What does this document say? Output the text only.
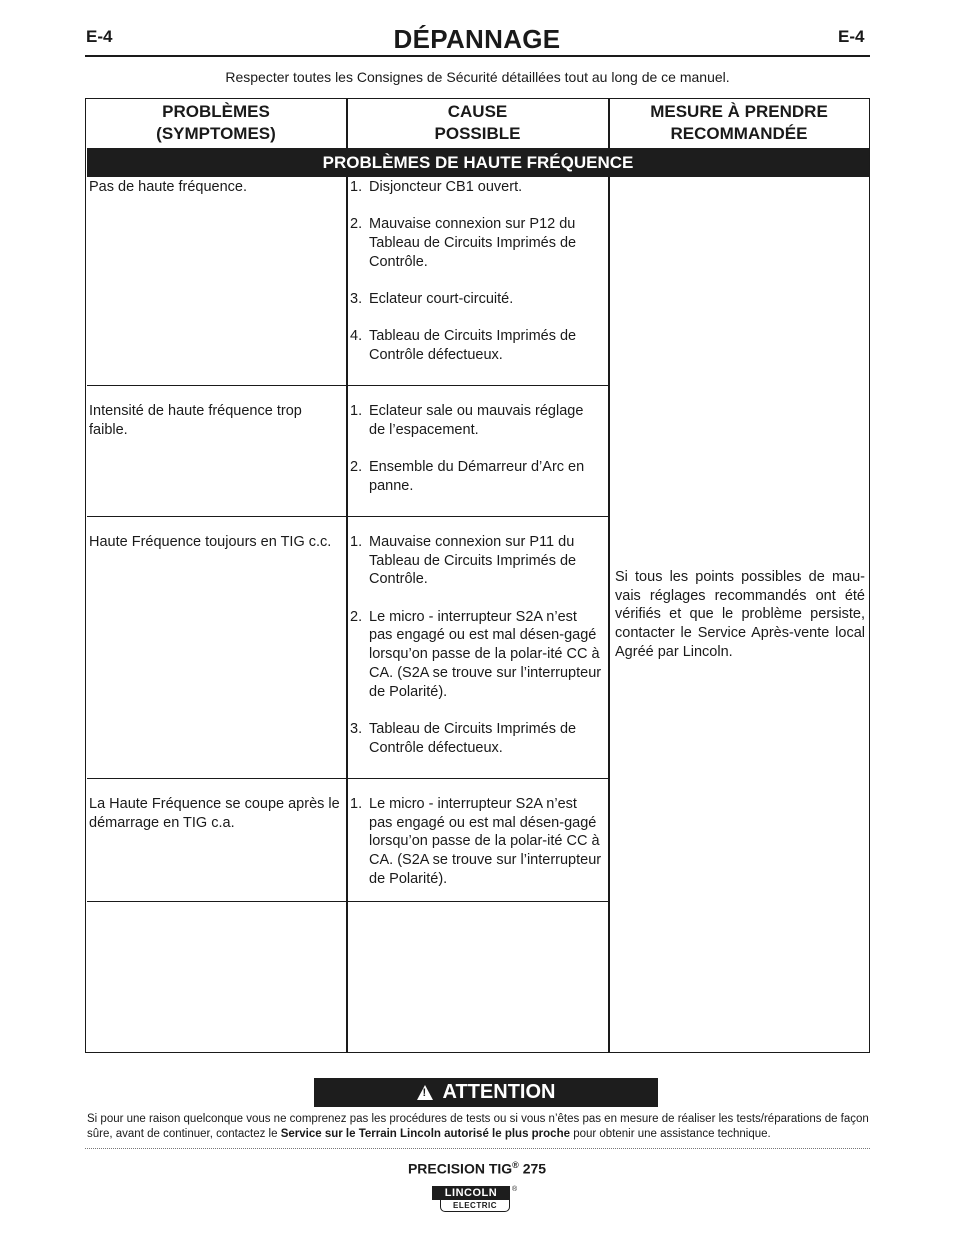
E-4	E-4
DÉPANNAGE
Respecter toutes les Consignes de Sécurité détaillées tout au long de ce manuel.
PROBLÈMES
(SYMPTOMES)
CAUSE
POSSIBLE
MESURE À PRENDRE
RECOMMANDÉE
PROBLÈMES DE HAUTE FRÉQUENCE
Pas de haute fréquence.	1. Disjoncteur CB1 ouvert.
2. Mauvaise connexion sur P12 du Tableau de Circuits Imprimés de Contrôle.
3. Eclateur court-circuité.
4. Tableau de Circuits Imprimés de Contrôle défectueux.
Intensité de haute fréquence trop faible.
1. Eclateur sale ou mauvais réglage de l’espacement.
2. Ensemble du Démarreur d’Arc en panne.
Haute Fréquence toujours en TIG c.c. 1. Mauvaise connexion sur P11 du Tableau de Circuits Imprimés de Contrôle.
2. Le micro - interrupteur S2A n’est pas engagé ou est mal désen-gagé lorsqu’on passe de la polar-ité CC à CA. (S2A se trouve sur l’interrupteur de Polarité).
3. Tableau de Circuits Imprimés de Contrôle défectueux.
La Haute Fréquence se coupe après le démarrage en TIG c.a.
1. Le micro - interrupteur S2A n’est pas engagé ou est mal désen-gagé lorsqu’on passe de la polar-ité CC à CA. (S2A se trouve sur l’interrupteur de Polarité).
Si tous les points possibles de mau-vais réglages recommandés ont été vérifiés et que le problème persiste, contacter le Service Après-vente local Agréé par Lincoln.
! ATTENTION
Si pour une raison quelconque vous ne comprenez pas les procédures de tests ou si vous n’êtes pas en mesure de réaliser les tests/réparations de façon sûre, avant de continuer, contactez le Service sur le Terrain Lincoln autorisé le plus proche pour obtenir une assistance technique.
PRECISION TIG® 275
LINCOLN
ELECTRIC
®
